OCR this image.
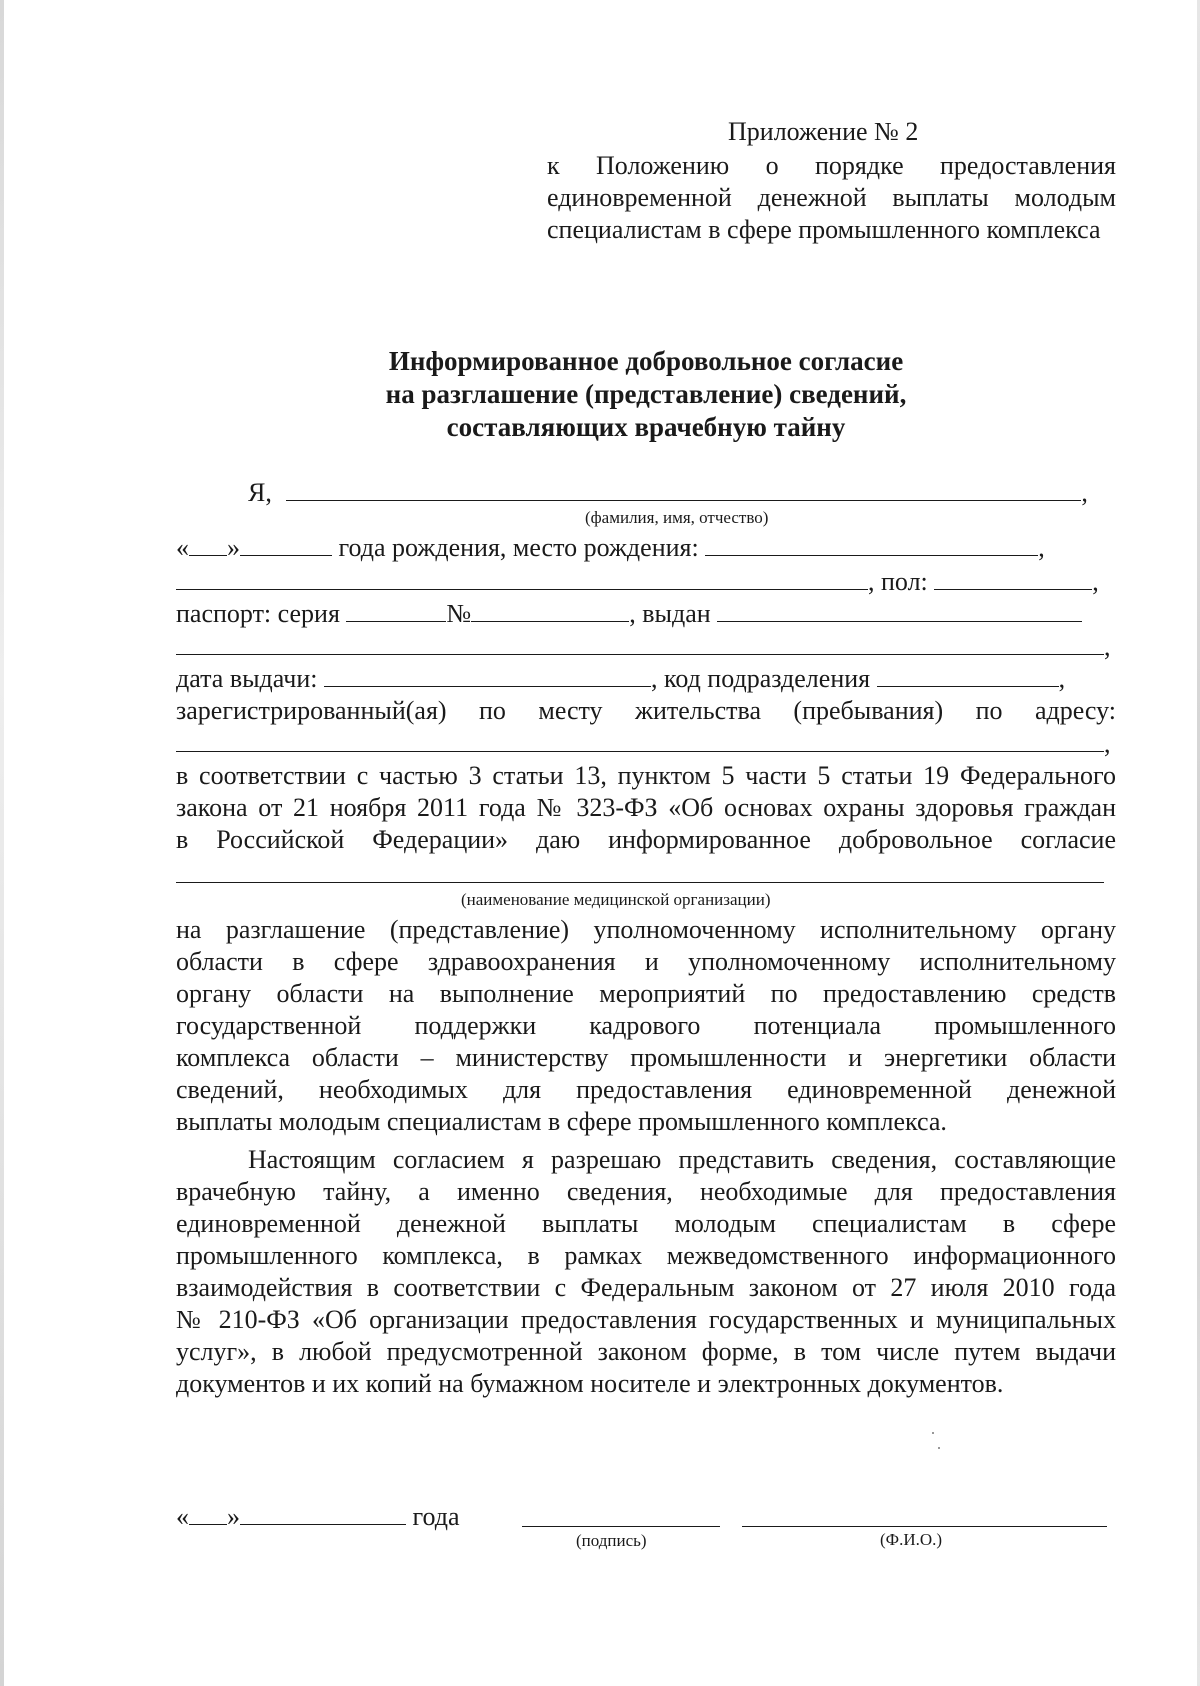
Приложение № 2
к Положению о порядке предоставления
единовременной денежной выплаты молодым
специалистам в сфере промышленного комплекса
Информированное добровольное согласие
на разглашение (представление) сведений,
составляющих врачебную тайну
Я,	,
(фамилия, имя, отчество)
« »	года рождения, место рождения:	,
, пол:	,
паспорт: серия	№	, выдан
,
дата выдачи:	, код подразделения	,
зарегистрированный(ая) по месту жительства (пребывания) по адресу:
,
в соответствии с частью 3 статьи 13, пунктом 5 части 5 статьи 19 Федерального
закона от 21 ноября 2011 года № 323-ФЗ «Об основах охраны здоровья граждан
в Российской Федерации» даю информированное добровольное согласие
(наименование медицинской организации)
на разглашение (представление) уполномоченному исполнительному органу
области в сфере здравоохранения и уполномоченному исполнительному
органу области на выполнение мероприятий по предоставлению средств
государственной поддержки кадрового потенциала промышленного
комплекса области – министерству промышленности и энергетики области
сведений, необходимых для предоставления единовременной денежной
выплаты молодым специалистам в сфере промышленного комплекса.
Настоящим согласием я разрешаю представить сведения, составляющие
врачебную тайну, а именно сведения, необходимые для предоставления
единовременной денежной выплаты молодым специалистам в сфере
промышленного комплекса, в рамках межведомственного информационного
взаимодействия в соответствии с Федеральным законом от 27 июля 2010 года
№ 210-ФЗ «Об организации предоставления государственных и муниципальных
услуг», в любой предусмотренной законом форме, в том числе путем выдачи
документов и их копий на бумажном носителе и электронных документов.
« »	года
(подпись)	(Ф.И.О.)
